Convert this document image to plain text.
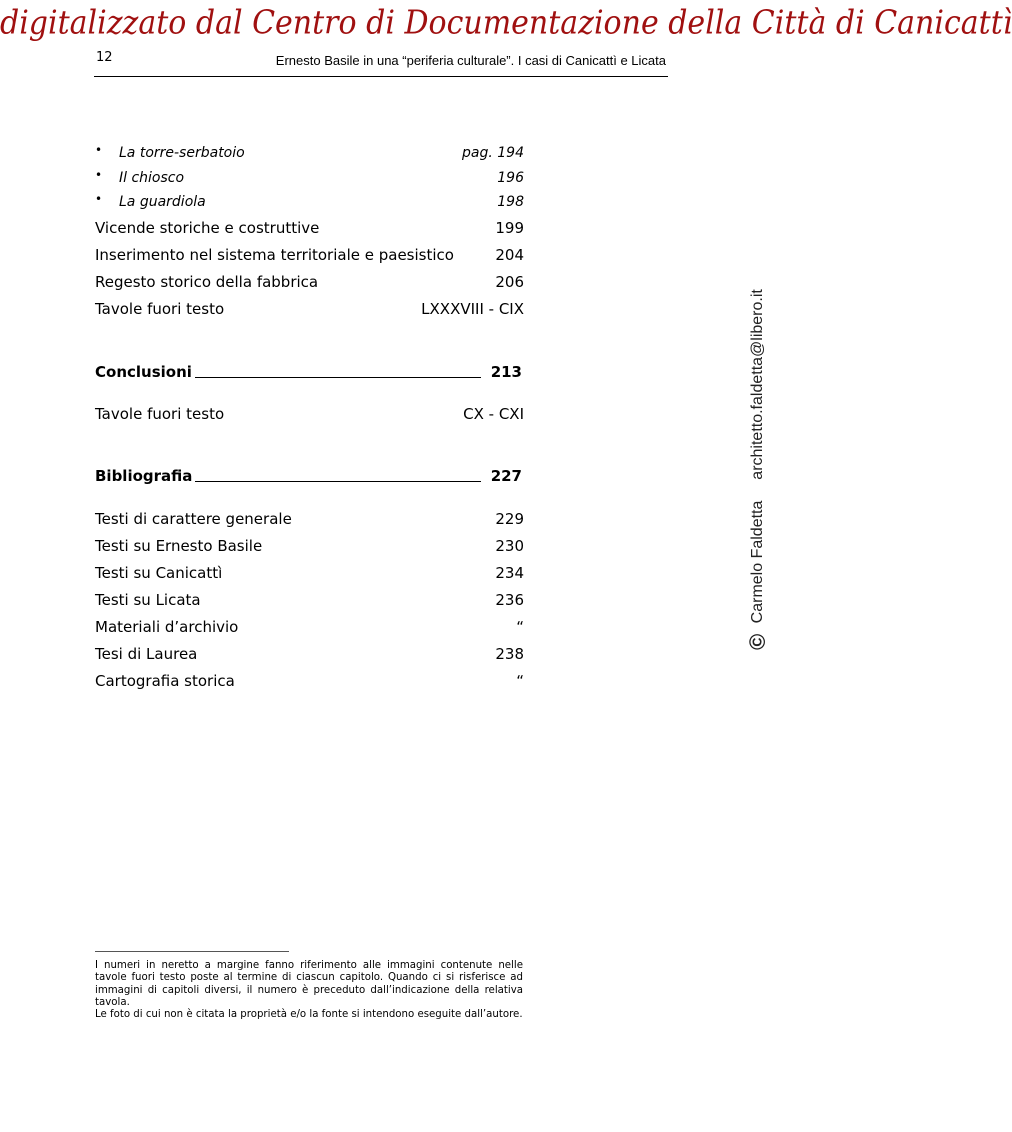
digitalizzato dal Centro di Documentazione della Città di Canicattì
12	Ernesto Basile in una “periferia culturale”. I casi di Canicattì e Licata
• La torre-serbatoio	pag. 194
• Il chiosco	196
• La guardiola	198
Vicende storiche e costruttive	199
Inserimento nel sistema territoriale e paesistico	204
Regesto storico della fabbrica	206
Tavole fuori testo	LXXXVIII - CIX
Conclusioni	213
Tavole fuori testo	CX - CXI
Bibliografia	227
Testi di carattere generale	229
Testi su Ernesto Basile	230
Testi su Canicattì	234
Testi su Licata	236
Materiali d’archivio	“
Tesi di Laurea	238
Cartografia storica	“

I numeri in neretto a margine fanno riferimento alle immagini contenute nelle tavole fuori testo poste al termine di ciascun capitolo. Quando ci si risferisce ad immagini di capitoli diversi, il numero è preceduto dall’indicazione della relativa tavola.

Le foto di cui non è citata la proprietà e/o la fonte si intendono eseguite dall’autore.

© Carmelo Faldetta  architetto.faldetta@libero.it
